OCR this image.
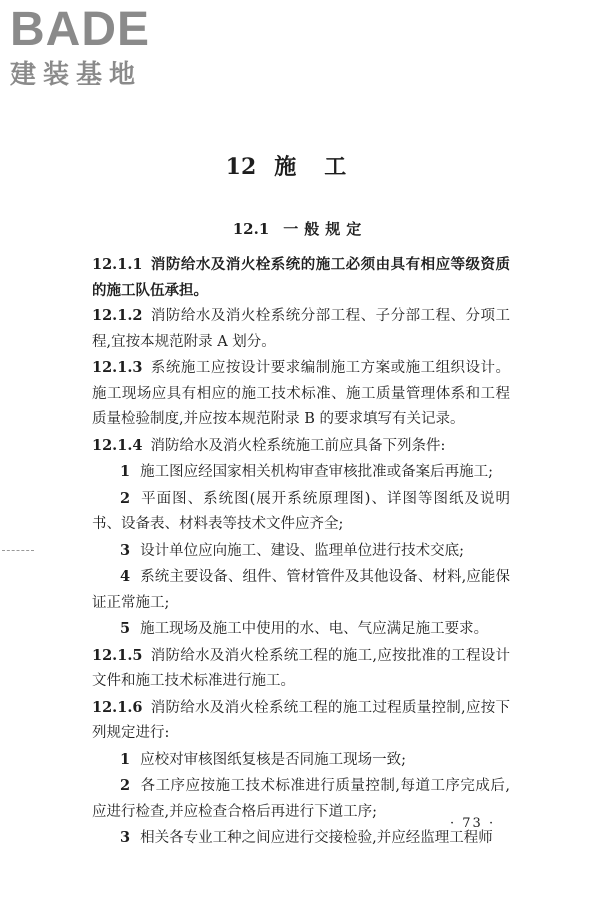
BADE
建装基地
12 施工
12.1 一般规定

12.1.1 消防给水及消火栓系统的施工必须由具有相应等级资质的施工队伍承担。

12.1.2 消防给水及消火栓系统分部工程、子分部工程、分项工程,宜按本规范附录 A 划分。

12.1.3 系统施工应按设计要求编制施工方案或施工组织设计。施工现场应具有相应的施工技术标准、施工质量管理体系和工程质量检验制度,并应按本规范附录 B 的要求填写有关记录。

12.1.4 消防给水及消火栓系统施工前应具备下列条件:

1 施工图应经国家相关机构审查审核批准或备案后再施工;

2 平面图、系统图(展开系统原理图)、详图等图纸及说明书、设备表、材料表等技术文件应齐全;

3 设计单位应向施工、建设、监理单位进行技术交底;

4 系统主要设备、组件、管材管件及其他设备、材料,应能保证正常施工;

5 施工现场及施工中使用的水、电、气应满足施工要求。

12.1.5 消防给水及消火栓系统工程的施工,应按批准的工程设计文件和施工技术标准进行施工。

12.1.6 消防给水及消火栓系统工程的施工过程质量控制,应按下列规定进行:

1 应校对审核图纸复核是否同施工现场一致;

2 各工序应按施工技术标准进行质量控制,每道工序完成后,应进行检查,并应检查合格后再进行下道工序;

3 相关各专业工种之间应进行交接检验,并应经监理工程师

· 73 ·
